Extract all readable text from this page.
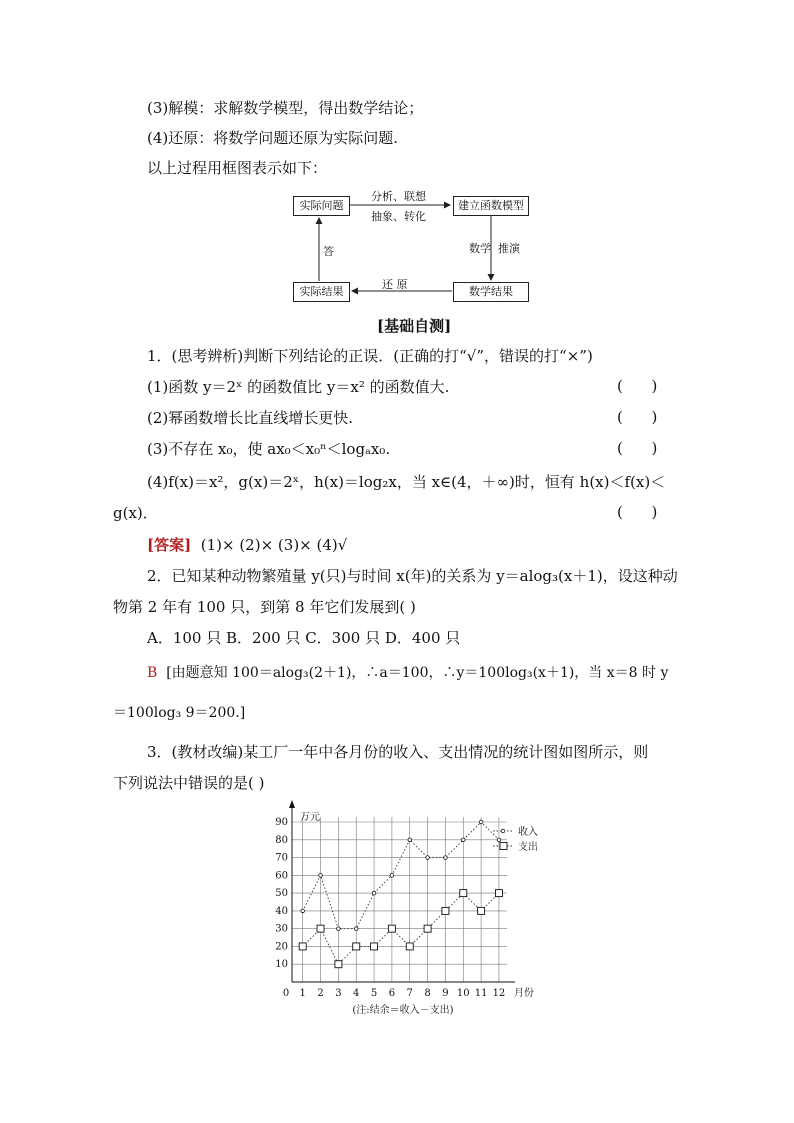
(3)解模：求解数学模型，得出数学结论；
(4)还原：将数学问题还原为实际问题.
以上过程用框图表示如下：
实际问题	建立函数模型
实际结果	数学结果
分析、联想
抽象、转化
数学 推演
还 原
答
[基础自测]
1．(思考辨析)判断下列结论的正误．(正确的打“√”，错误的打“×”)
(1)函数 y＝2ˣ 的函数值比 y＝x² 的函数值大.	(      )
(2)幂函数增长比直线增长更快.	(      )
(3)不存在 x₀，使 ax₀＜x₀ⁿ＜logₐx₀.	(      )
(4)f(x)＝x²，g(x)＝2ˣ，h(x)＝log₂x，当 x∈(4，＋∞)时，恒有 h(x)＜f(x)＜
g(x)．	(      )
[答案] (1)× (2)× (3)× (4)√
2．已知某种动物繁殖量 y(只)与时间 x(年)的关系为 y＝alog₃(x＋1)，设这种动
物第 2 年有 100 只，到第 8 年它们发展到( )
A．100 只 B．200 只 C．300 只 D．400 只
B [由题意知 100＝alog₃(2＋1)，∴a＝100，∴y＝100log₃(x＋1)，当 x＝8 时 y
＝100log₃ 9＝200.]
3．(教材改编)某工厂一年中各月份的收入、支出情况的统计图如图所示，则
下列说法中错误的是( )
10
20
30
40
50
60
70
80
90
1 2 3 4 5 6 7 8 9 10 11 12
万元
0	月份
收入
支出
(注:结余＝收入－支出)
